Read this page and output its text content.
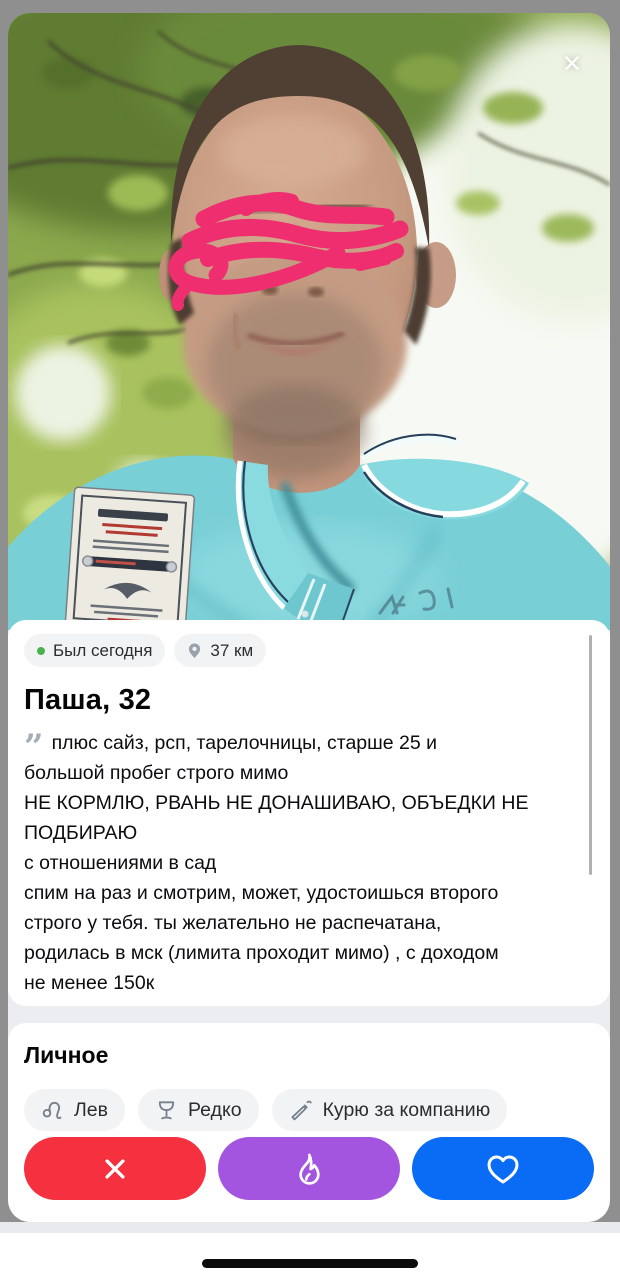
×
Был сегодня	37 км
Паша, 32

” плюс сайз, рсп, тарелочницы, старше 25 и

большой пробег строго мимо

НЕ КОРМЛЮ, РВАНЬ НЕ ДОНАШИВАЮ, ОБЪЕДКИ НЕ

ПОДБИРАЮ

с отношениями в сад

спим на раз и смотрим, может, удостоишься второго

строго у тебя. ты желательно не распечатана,

родилась в мск (лимита проходит мимо) , с доходом

не менее 150к

Личное
Лев	Редко	Курю за компанию
